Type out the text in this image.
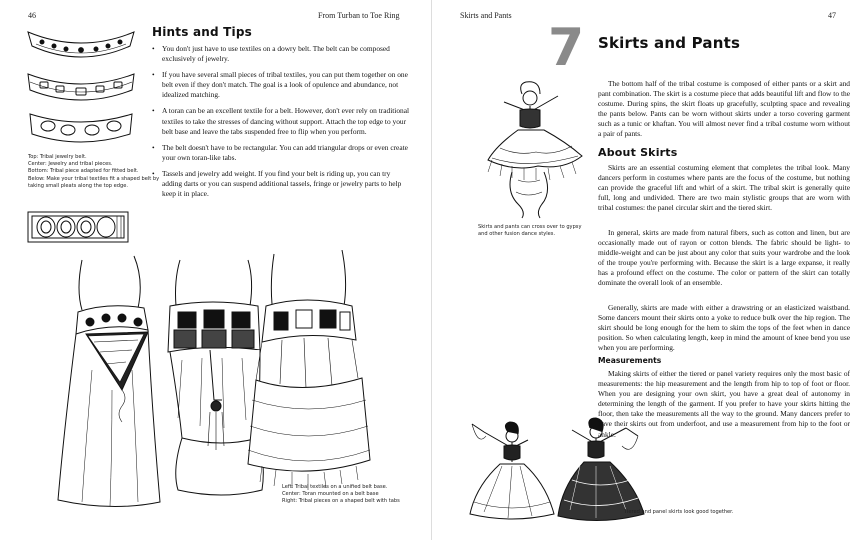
46	From Turban to Toe Ring
Top: Tribal jewelry belt.
Center: Jewelry and tribal pieces.
Bottom: Tribal piece adapted for fitted belt.
Below: Make your tribal textiles fit a shaped belt by
taking small pleats along the top edge.
Hints and Tips
• You don't just have to use textiles on a dowry belt. The belt can be composed exclusively of jewelry.
• If you have several small pieces of tribal textiles, you can put them together on one belt even if they don't match. The goal is a look of opulence and abundance, not idealized matching.
• A toran can be an excellent textile for a belt. However, don't ever rely on traditional textiles to take the stresses of dancing without support. Attach the top edge to your belt base and leave the tabs suspended free to flip when you perform.
• The belt doesn't have to be rectangular. You can add triangular drops or even create your own toran-like tabs.
• Tassels and jewelry add weight. If you find your belt is riding up, you can try adding darts or you can suspend additional tassels, fringe or jewelry parts to help keep it in place.
Left: Tribal textiles on a unified belt base.
Center: Toran mounted on a belt base
Right: Tribal pieces on a shaped belt with tabs
Skirts and Pants	47
7 Skirts and Pants
Skirts and pants can cross over to gypsy
and other fusion dance styles.

The bottom half of the tribal costume is composed of either pants or a skirt and pant combination. The skirt is a costume piece that adds beautiful lift and flow to the costume. During spins, the skirt floats up gracefully, sculpting space and revealing the pants below. Pants can be worn without skirts under a torso covering garment such as a tunic or khaftan. You will almost never find a tribal costume worn without a pair of pants.

About Skirts

Skirts are an essential costuming element that completes the tribal look. Many dancers perform in costumes where pants are the focus of the costume, but nothing can provide the graceful lift and whirl of a skirt. The tribal skirt is generally quite full, long and undivided. There are two main stylistic groups that are worn with tribal costumes: the panel circular skirt and the tiered skirt.

In general, skirts are made from natural fibers, such as cotton and linen, but are occasionally made out of rayon or cotton blends. The fabric should be light- to middle-weight and can be just about any color that suits your wardrobe and the look of the troupe you're performing with. Because the skirt is a large expanse, it really has a profound effect on the costume. The color or pattern of the skirt can totally dominate the overall look of an ensemble.

Generally, skirts are made with either a drawstring or an elasticized waistband. Some dancers mount their skirts onto a yoke to reduce bulk over the hip region. The skirt should be long enough for the hem to skim the tops of the feet when in dance position. So when calculating length, keep in mind the amount of knee bend you use when you are performing.

Measurements
Tiered and panel skirts look good together.

Making skirts of either the tiered or panel variety requires only the most basic of measurements: the hip measurement and the length from hip to top of foot or floor. When you are designing your own skirt, you have a great deal of autonomy in determining the length of the garment. If you prefer to have your skirts hitting the floor, then take the measurements all the way to the ground. Many dancers prefer to have their skirts out from underfoot, and use a measurement from hip to the foot or ankle.
